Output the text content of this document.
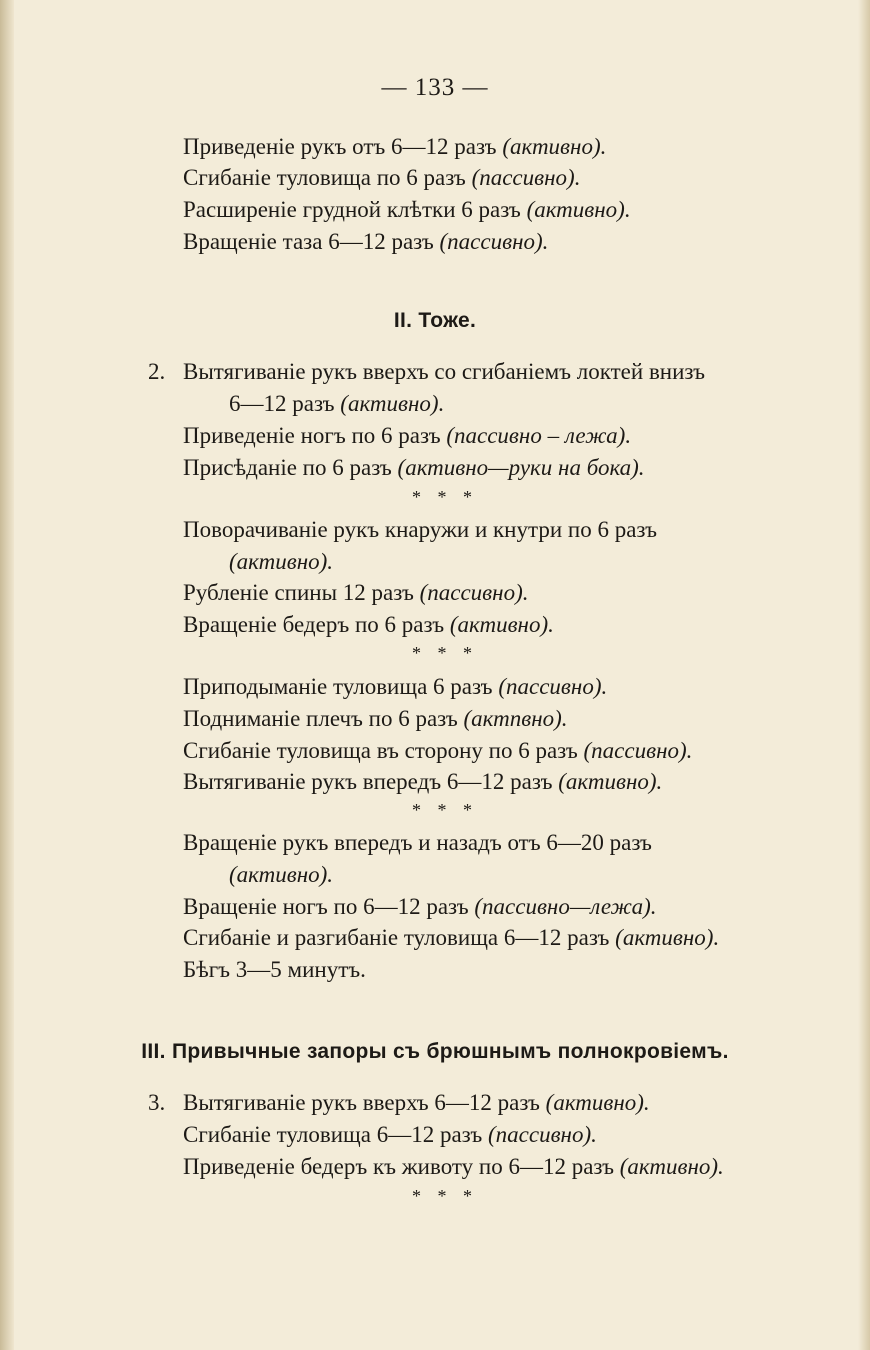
— 133 —
Приведеніе рукъ отъ 6—12 разъ (активно).
Сгибаніе туловища по 6 разъ (пассивно).
Расширеніе грудной клѣтки 6 разъ (активно).
Вращеніе таза 6—12 разъ (пассивно).
II. Тоже.
2. Вытягиваніе рукъ вверхъ со сгибаніемъ локтей внизъ
6—12 разъ (активно).
Приведеніе ногъ по 6 разъ (пассивно – лежа).
Присѣданіе по 6 разъ (активно—руки на бока).
* * *
Поворачиваніе рукъ кнаружи и кнутри по 6 разъ
(активно).
Рубленіе спины 12 разъ (пассивно).
Вращеніе бедеръ по 6 разъ (активно).
* * *
Приподыманіе туловища 6 разъ (пассивно).
Подниманіе плечъ по 6 разъ (актпвно).
Сгибаніе туловища въ сторону по 6 разъ (пассивно).
Вытягиваніе рукъ впередъ 6—12 разъ (активно).
* * *
Вращеніе рукъ впередъ и назадъ отъ 6—20 разъ
(активно).
Вращеніе ногъ по 6—12 разъ (пассивно—лежа).
Сгибаніе и разгибаніе туловища 6—12 разъ (активно).
Бѣгъ 3—5 минутъ.
III. Привычные запоры съ брюшнымъ полнокровіемъ.
3. Вытягиваніе рукъ вверхъ 6—12 разъ (активно).
Сгибаніе туловища 6—12 разъ (пассивно).
Приведеніе бедеръ къ животу по 6—12 разъ (активно).
* * *
